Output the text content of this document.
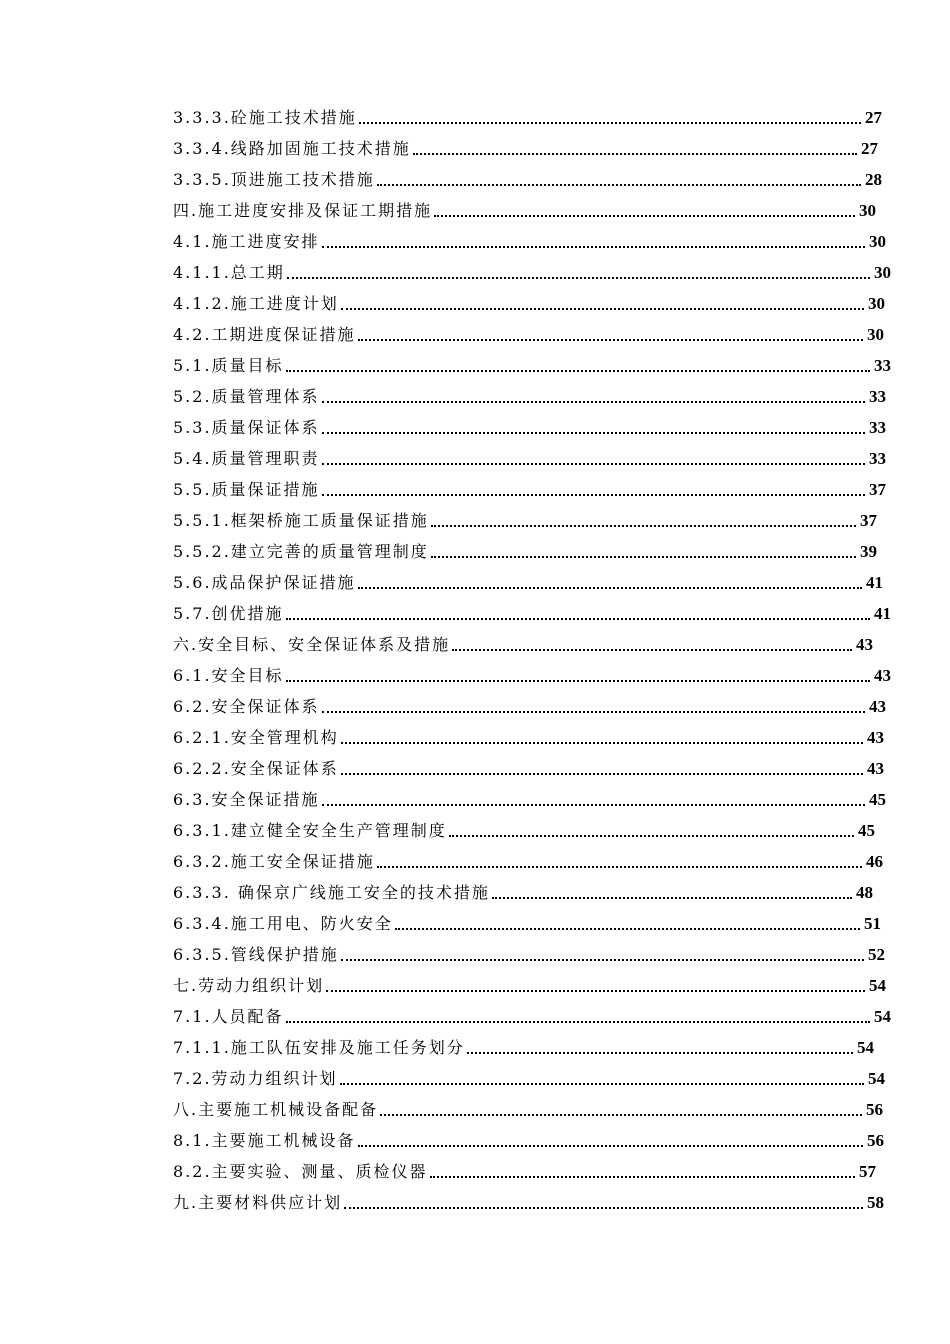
3.3.3.砼施工技术措施	27
3.3.4.线路加固施工技术措施	27
3.3.5.顶进施工技术措施	28
四.施工进度安排及保证工期措施	30
4.1.施工进度安排	30
4.1.1.总工期	30
4.1.2.施工进度计划	30
4.2.工期进度保证措施	30
5.1.质量目标	33
5.2.质量管理体系	33
5.3.质量保证体系	33
5.4.质量管理职责	33
5.5.质量保证措施	37
5.5.1.框架桥施工质量保证措施	37
5.5.2.建立完善的质量管理制度	39
5.6.成品保护保证措施	41
5.7.创优措施	41
六.安全目标、安全保证体系及措施	43
6.1.安全目标	43
6.2.安全保证体系	43
6.2.1.安全管理机构	43
6.2.2.安全保证体系	43
6.3.安全保证措施	45
6.3.1.建立健全安全生产管理制度	45
6.3.2.施工安全保证措施	46
6.3.3. 确保京广线施工安全的技术措施	48
6.3.4.施工用电、防火安全	51
6.3.5.管线保护措施	52
七.劳动力组织计划	54
7.1.人员配备	54
7.1.1.施工队伍安排及施工任务划分	54
7.2.劳动力组织计划	54
八.主要施工机械设备配备	56
8.1.主要施工机械设备	56
8.2.主要实验、测量、质检仪器	57
九.主要材料供应计划	58
